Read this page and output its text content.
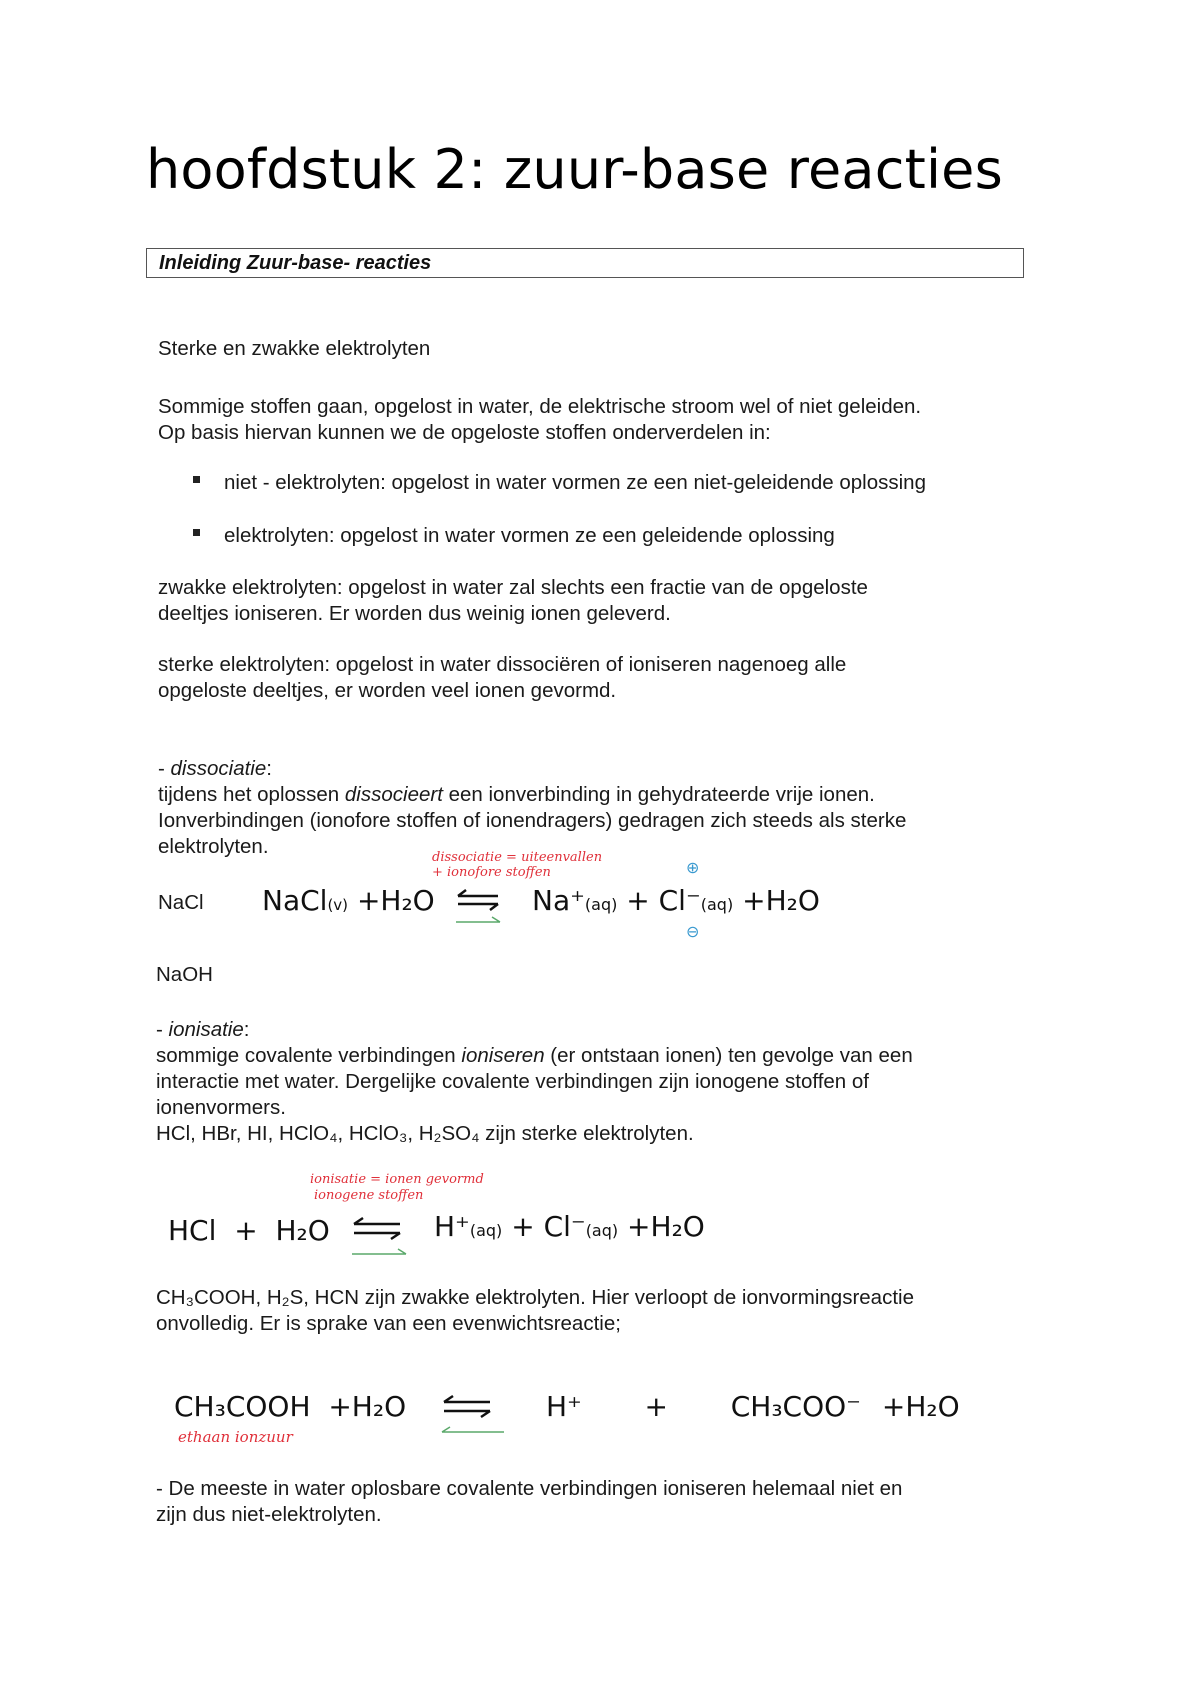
hoofdstuk 2: zuur-base reacties
Inleiding Zuur-base- reacties
Sterke en zwakke elektrolyten
Sommige stoffen gaan, opgelost in water, de elektrische stroom wel of niet geleiden.
Op basis hiervan kunnen we de opgeloste stoffen onderverdelen in:
niet - elektrolyten: opgelost in water vormen ze een niet-geleidende oplossing
elektrolyten: opgelost in water vormen ze een geleidende oplossing
zwakke elektrolyten: opgelost in water zal slechts een fractie van de opgeloste
deeltjes ioniseren. Er worden dus weinig ionen geleverd.
sterke elektrolyten: opgelost in water dissociëren of ioniseren nagenoeg alle
opgeloste deeltjes, er worden veel ionen gevormd.
- dissociatie:
tijdens het oplossen dissocieert een ionverbinding in gehydrateerde vrije ionen.
Ionverbindingen (ionofore stoffen of ionendragers) gedragen zich steeds als sterke
elektrolyten.
NaCl
dissociatie = uiteenvallen
+ ionofore stoffen
NaCl(v) +H₂O	Na⁺(aq) + Cl⁻(aq) +H₂O
⊕
⊖
NaOH
- ionisatie:
sommige covalente verbindingen ioniseren (er ontstaan ionen) ten gevolge van een
interactie met water. Dergelijke covalente verbindingen zijn ionogene stoffen of
ionenvormers.
HCl, HBr, HI, HClO₄, HClO₃, H₂SO₄ zijn sterke elektrolyten.
ionisatie = ionen gevormd
ionogene stoffen
HCl + H₂O	H⁺(aq) + Cl⁻(aq) +H₂O
CH₃COOH, H₂S, HCN zijn zwakke elektrolyten. Hier verloopt de ionvormingsreactie
onvolledig. Er is sprake van een evenwichtsreactie;
CH₃COOH +H₂O	H⁺ + CH₃COO⁻ +H₂O
ethaan ionzuur
- De meeste in water oplosbare covalente verbindingen ioniseren helemaal niet en
zijn dus niet-elektrolyten.
